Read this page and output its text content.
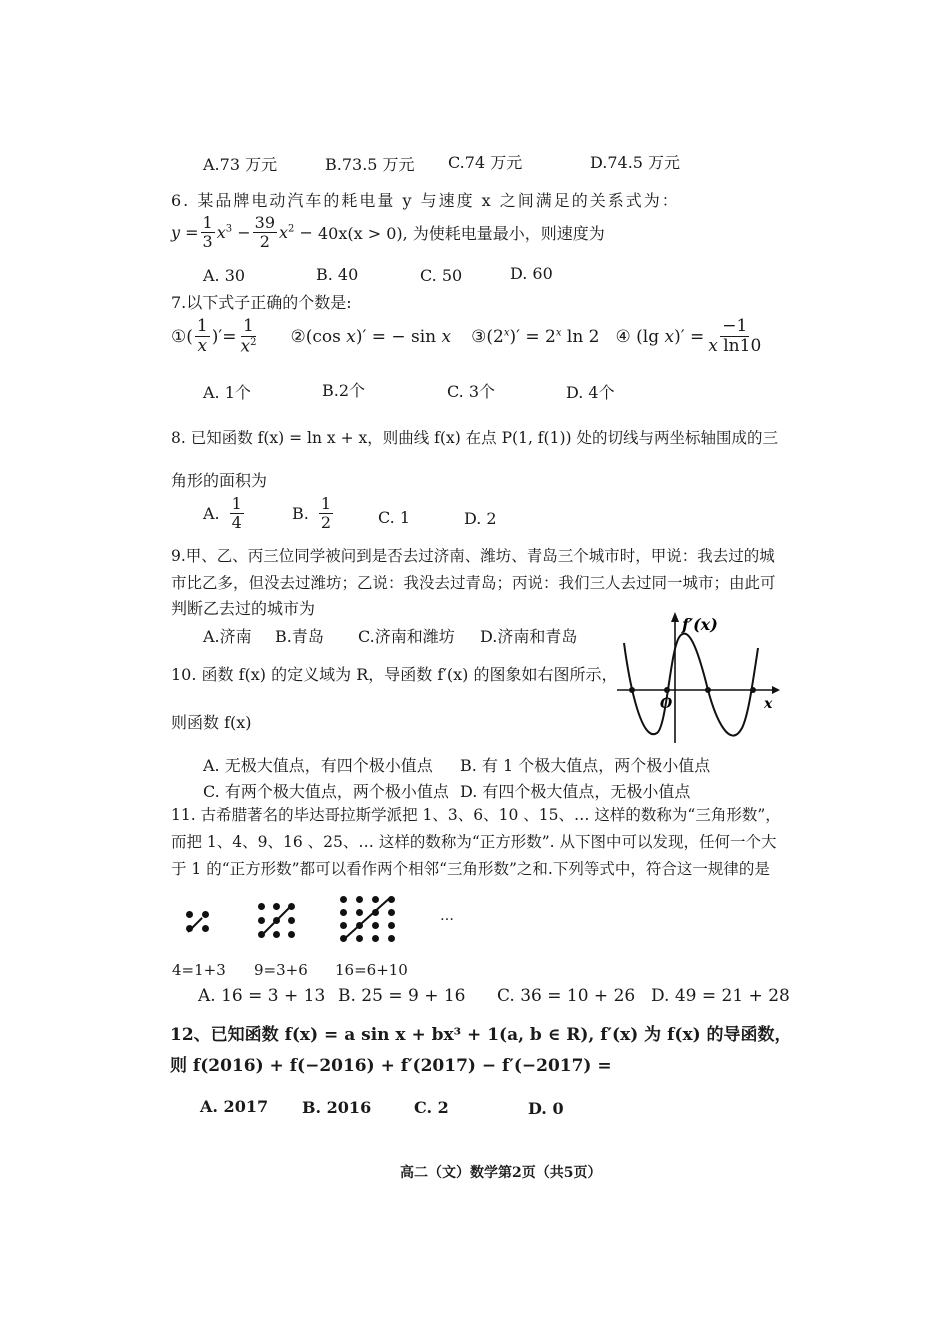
A.73 万元	B.73.5 万元 C.74 万元	D.74.5 万元
6. 某品牌电动汽车的耗电量 y 与速度 x 之间满足的关系式为：
$y = \frac{1}{3} x^3 - \frac{39}{2} x^2 - 40x(x > 0)$, 为使耗电量最小，则速度为
A. 30	B. 40	C. 50	D. 60
7.以下式子正确的个数是:
① ( $\frac{1}{x}$ )′= $\frac{1}{x^2}$ ② (cos x)′ = − sin x ③ $(2^x)' = 2^x$ ln 2 ④ (lg $x)' = \frac{-1}{\text{x ln10}}$
A. 1个	B.2个	C. 3个	D. 4个
8. 已知函数 f(x) = ln x + x，则曲线 f(x) 在点 P(1, f(1)) 处的切线与两坐标轴围成的三
角形的面积为
A. $\frac{1}{4}$	B. $\frac{1}{2}$	C. 1	D. 2
9.甲、乙、丙三位同学被问到是否去过济南、潍坊、青岛三个城市时，甲说：我去过的城
市比乙多，但没去过潍坊；乙说：我没去过青岛；丙说：我们三人去过同一城市；由此可
判断乙去过的城市为
A.济南 B.青岛 C.济南和潍坊 D.济南和青岛
f′(x)
O	x
10. 函数 f(x) 的定义域为 R，导函数 f′(x) 的图象如右图所示，
则函数 f(x)
A. 无极大值点，有四个极小值点 B. 有 1 个极大值点，两个极小值点
C. 有两个极大值点，两个极小值点 D. 有四个极大值点，无极小值点
11. 古希腊著名的毕达哥拉斯学派把 1、3、6、10 、15、… 这样的数称为“三角形数”，
而把 1、4、9、16 、25、… 这样的数称为“正方形数”. 从下图中可以发现，任何一个大
于 1 的“正方形数”都可以看作两个相邻“三角形数”之和.下列等式中，符合这一规律的是
…
4=1+3 9=3+6 16=6+10
A. 16 = 3 + 13 B. 25 = 9 + 16 C. 36 = 10 + 26 D. 49 = 21 + 28
12、已知函数 f(x) = a sin x + bx³ + 1(a, b ∈ R), f′(x) 为 f(x) 的导函数，
则 f(2016) + f(−2016) + f′(2017) − f′(−2017) =
A. 2017 B. 2016	C. 2	D. 0
高二（文）数学第2页（共5页）
